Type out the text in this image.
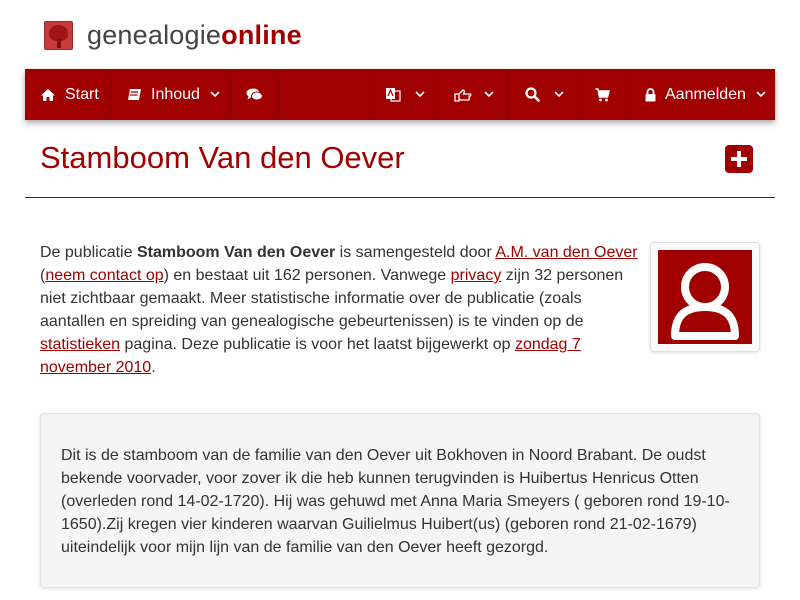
genealogieonline
Start	Inhoud	Aanmelden
Stamboom Van den Oever

De publicatie Stamboom Van den Oever is samengesteld door A.M. van den Oever
(neem contact op) en bestaat uit 162 personen. Vanwege privacy zijn 32 personen niet zichtbaar gemaakt. Meer statistische informatie over de publicatie (zoals aantallen en spreiding van genealogische gebeurtenissen) is te vinden op de statistieken pagina. Deze publicatie is voor het laatst bijgewerkt op zondag 7 november 2010.

Dit is de stamboom van de familie van den Oever uit Bokhoven in Noord Brabant. De oudst bekende voorvader, voor zover ik die heb kunnen terugvinden is Huibertus Henricus Otten (overleden rond 14-02-1720). Hij was gehuwd met Anna Maria Smeyers ( geboren rond 19-10-1650).Zij kregen vier kinderen waarvan Guilielmus Huibert(us) (geboren rond 21-02-1679) uiteindelijk voor mijn lijn van de familie van den Oever heeft gezorgd.
